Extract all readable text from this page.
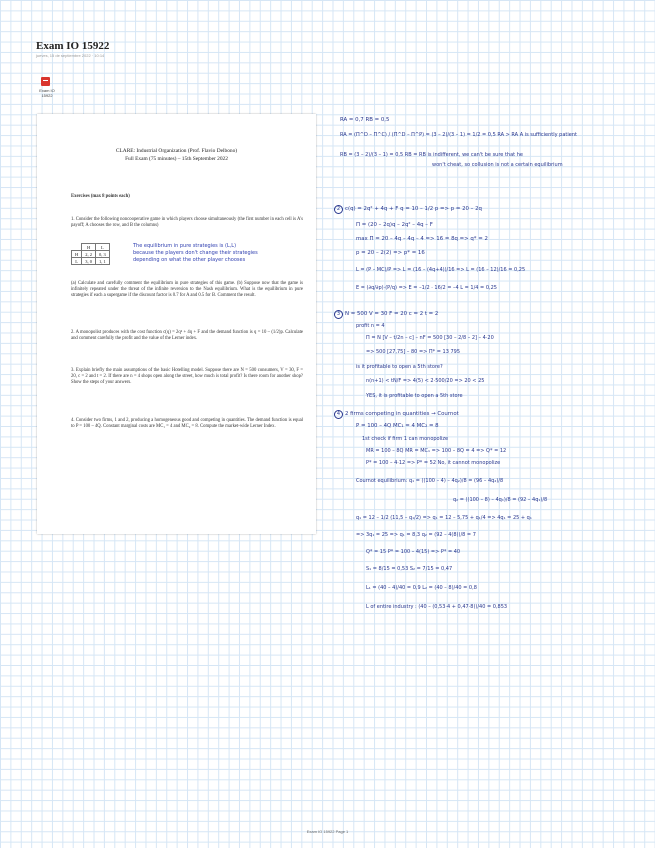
Exam IO 15922
jueves, 15 de septiembre 2022 · 10:14
Exam IO 15922
CLARE: Industrial Organization (Prof. Flavio Delbono)
Full Exam (75 minutes) – 15th September 2022
Exercises (max 8 points each)
1. Consider the following noncooperative game in which players choose simultaneously (the first number in each cell is A's payoff; A chooses the row, and B the columns)
	H	L
H	2, 2	0, 3
L	3, 0	1, 1
(a) Calculate and carefully comment the equilibrium in pure strategies of this game. (b) Suppose now that the game is infinitely repeated under the threat of the infinite reversion to the Nash equilibrium. What is the equilibrium in pure strategies if each a supergame if the discount factor is 0.7 for A and 0.5 for B. Comment the result.
2. A monopolist produces with the cost function c(q) = 2q² + 4q + F and the demand function is q = 10 – (1/2)p. Calculate and comment carefully the profit and the value of the Lerner index.
3. Explain briefly the main assumptions of the basic Hotelling model. Suppose there are N = 500 consumers, V = 30, F = 20, c = 2 and t = 2. If there are n = 4 shops open along the street, how much is total profit? Is there room for another shop? Show the steps of your answers.
4. Consider two firms, 1 and 2, producing a homogeneous good and competing in quantities. The demand function is equal to P = 100 – 4Q. Constant marginal costs are MC₁ = 4 and MC₂ = 8. Compute the market-wide Lerner Index.
The equilibrium in pure strategies is (L,L)
because the players don't change their strategies
depending on what the other player chooses
RA = 0,7 RB = 0,5
RA = (Π^D – Π^C) / (Π^D – Π^P) = (3 – 2)/(3 – 1) = 1/2 = 0,5 RA > RA A is sufficiently patient
RB = (3 – 2)/(3 – 1) = 0,5 RB = RB is indifferent, we can't be sure that he
won't cheat, so collusion is not a certain equilibrium
2 c(q) = 2q² + 4q + F q = 10 – 1/2 p => p = 20 – 2q
Π = (20 – 2q)q – 2q² – 4q – F
max Π = 20 – 4q – 4q – 4 => 16 = 8q => q* = 2
p = 20 – 2(2) => p* = 16
L = (P – MC)/P => L = (16 – (4q+4))/16 => L = (16 – 12)/16 = 0,25
E = (∂q/∂p)·(P/q) => E = –1/2 · 16/2 = –4 L = 1/4 = 0,25
3 N = 500 V = 30 F = 20 c = 2 t = 2
profit n = 4
Π = N [V – t/2n – c] – nF = 500 [30 – 2/8 – 2] – 4·20
=> 500 [27,75] – 80 => Π* = 13 795
is it profitable to open a 5th store?
n(n+1) < tN/F => 4(5) < 2·500/20 => 20 < 25
YES, it is profitable to open a 5th store
4 2 firms competing in quantities → Cournot
P = 100 – 4Q MC₁ = 4 MC₂ = 8
1st check if firm 1 can monopolize
MR = 100 – 8Q MR = MC₁ => 100 – 8Q = 4 => Q* = 12
P* = 100 – 4·12 => P* = 52 No, it cannot monopolize
Cournot equilibrium: q₁ = ((100 – 4) – 4q₂)/8 = (96 – 4q₂)/8
q₂ = ((100 – 8) – 4q₁)/8 = (92 – 4q₁)/8
q₁ = 12 – 1/2 (11,5 – q₁/2) => q₁ = 12 – 5,75 + q₁/4 => 4q₁ = 25 + q₁
=> 3q₁ = 25 => q₁ = 8,3 q₂ = (92 – 4(8))/8 = 7
Q* = 15 P* = 100 – 4(15) => P* = 40
S₁ = 8/15 = 0,53 S₂ = 7/15 = 0,47
L₁ = (40 – 4)/40 = 0,9 L₂ = (40 – 8)/40 = 0,8
L of entire industry : (40 – (0,53·4 + 0,47·8))/40 = 0,853
Exam IO 15922 Page 1
